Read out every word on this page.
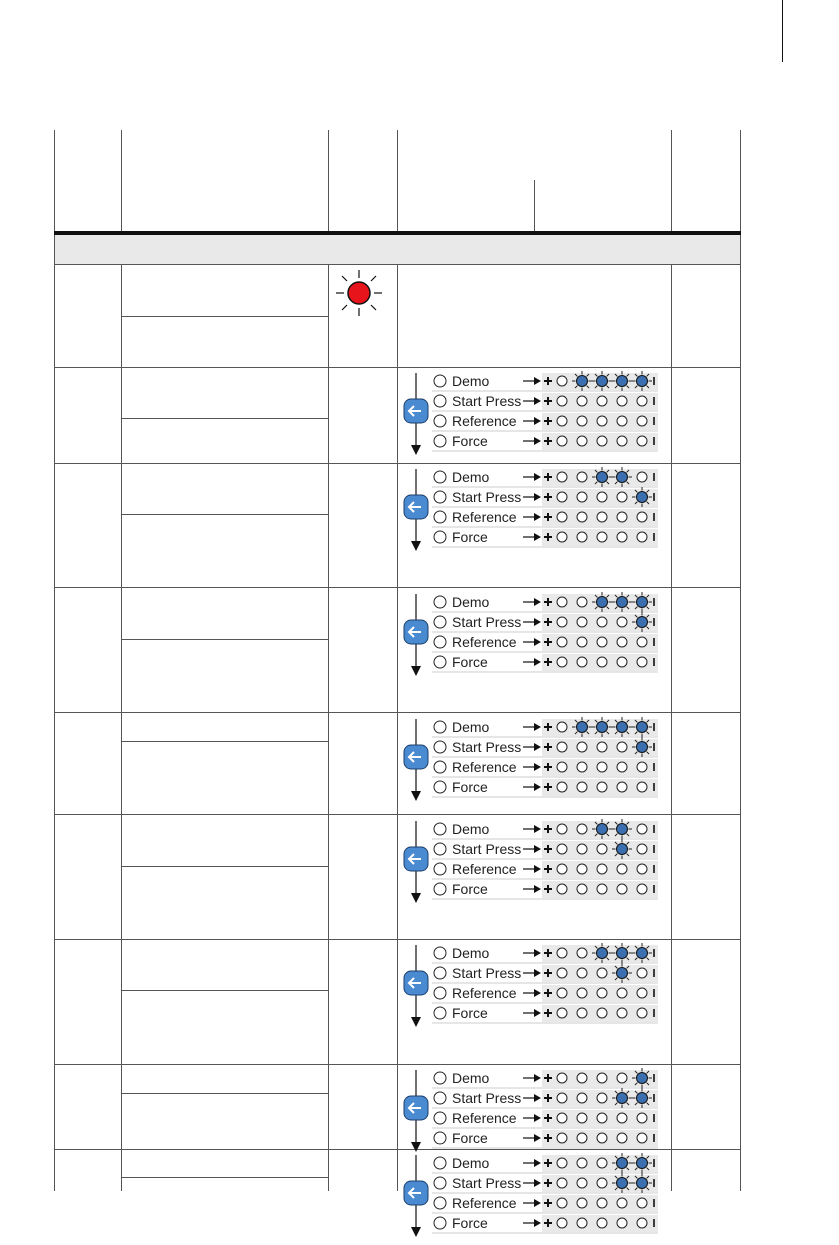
Demo
Start Press
Reference
Force
Demo
Start Press
Reference
Force
Demo
Start Press
Reference
Force
Demo
Start Press
Reference
Force
Demo
Start Press
Reference
Force
Demo
Start Press
Reference
Force
Demo
Start Press
Reference
Force
Demo
Start Press
Reference
Force
